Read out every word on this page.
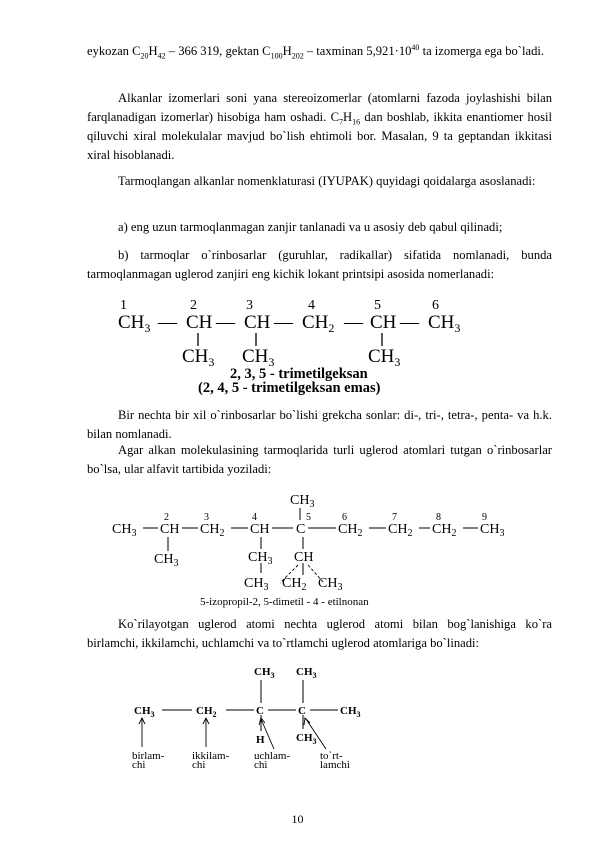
eykozan $C_{20}H_{42} - 366$ 319, gektan $C_{100}H_{202}$ – taxminan $5,921\cdot 10^{40}$ ta izomerga ega bo`ladi.

Alkanlar izomerlari soni yana stereoizomerlar (atomlarni fazoda joylashishi bilan farqlanadigan izomerlar) hisobiga ham oshadi. $C_7H_{16}$ dan boshlab, ikkita enantiomer hosil qiluvchi xiral molekulalar mavjud bo`lish ehtimoli bor. Masalan, 9 ta geptandan ikkitasi xiral hisoblanadi.

Tarmoqlangan alkanlar nomenklaturasi (IYUPAK) quyidagi qoidalarga asoslanadi:

a) eng uzun tarmoqlanmagan zanjir tanlanadi va u asosiy deb qabul qilinadi;

b) tarmoqlar o`rinbosarlar (guruhlar, radikallar) sifatida nomlanadi, bunda tarmoqlanmagan uglerod zanjiri eng kichik lokant printsipi asosida nomerlanadi:

1	2	3	4	5	6
$CH_3$ — CH — CH — $CH_2$ — CH — $CH_3$
$CH_3$ $CH_3$	$CH_3$
2, 3, 5 - trimetilgeksan
(2, 4, 5 - trimetilgeksan emas)

Bir nechta bir xil o`rinbosarlar bo`lishi grekcha sonlar: di-, tri-, tetra-, penta- va h.k. bilan nomlanadi.

Agar alkan molekulasining tarmoqlarida turli uglerod atomlari tutgan o`rinbosarlar bo`lsa, ular alfavit tartibida yoziladi:

$CH_3$
2	3	4	5	6	7	8	9
$CH_3$ CH $CH_2$ CH C $CH_2$ $CH_2$ $CH_2$ $CH_3$
$CH_3$	$CH_3$ CH
$CH_3$ $CH_2$ $CH_3$
5-izopropil-2, 5-dimetil - 4 - etilnonan

Ko`rilayotgan uglerod atomi nechta uglerod atomi bilan bog`lanishiga ko`ra birlamchi, ikkilamchi, uchlamchi va to`rtlamchi uglerod atomlariga bo`linadi:

$CH_3$ $CH_3$
$CH_3$	$CH_2$	C	C	$CH_3$
H	$CH_3$
birlam-chi
ikkilam-chi
uchlam-chi
to`rt-lamchi
10
